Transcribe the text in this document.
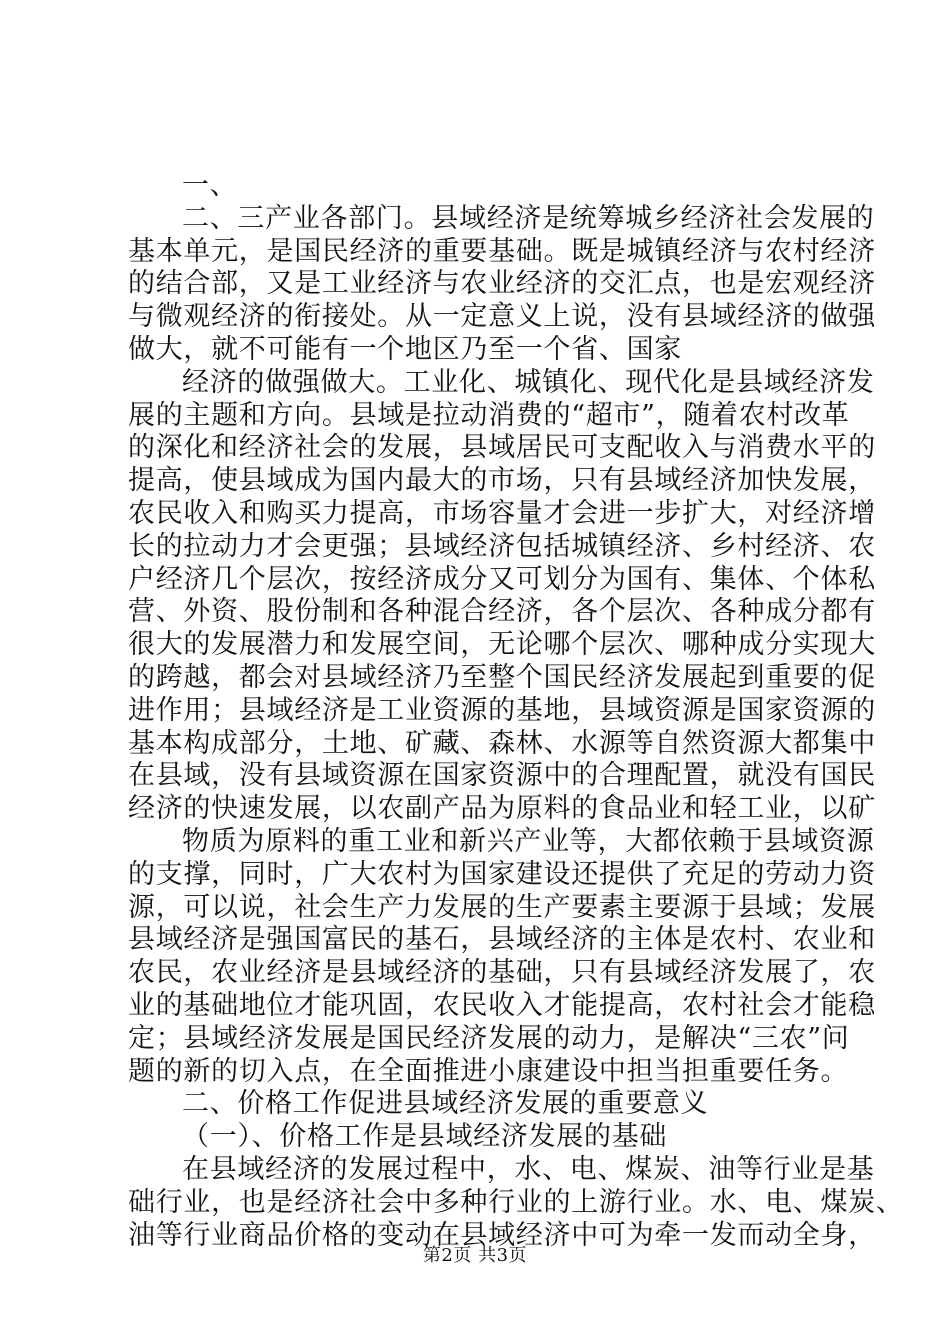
一、
二、三产业各部门。县域经济是统筹城乡经济社会发展的
基本单元，是国民经济的重要基础。既是城镇经济与农村经济
的结合部，又是工业经济与农业经济的交汇点，也是宏观经济
与微观经济的衔接处。从一定意义上说，没有县域经济的做强
做大，就不可能有一个地区乃至一个省、国家
经济的做强做大。工业化、城镇化、现代化是县域经济发
展的主题和方向。县域是拉动消费的“超市”，随着农村改革
的深化和经济社会的发展，县域居民可支配收入与消费水平的
提高，使县域成为国内最大的市场，只有县域经济加快发展，
农民收入和购买力提高，市场容量才会进一步扩大，对经济增
长的拉动力才会更强；县域经济包括城镇经济、乡村经济、农
户经济几个层次，按经济成分又可划分为国有、集体、个体私
营、外资、股份制和各种混合经济，各个层次、各种成分都有
很大的发展潜力和发展空间，无论哪个层次、哪种成分实现大
的跨越，都会对县域经济乃至整个国民经济发展起到重要的促
进作用；县域经济是工业资源的基地，县域资源是国家资源的
基本构成部分，土地、矿藏、森林、水源等自然资源大都集中
在县域，没有县域资源在国家资源中的合理配置，就没有国民
经济的快速发展，以农副产品为原料的食品业和轻工业，以矿
物质为原料的重工业和新兴产业等，大都依赖于县域资源
的支撑，同时，广大农村为国家建设还提供了充足的劳动力资
源，可以说，社会生产力发展的生产要素主要源于县域；发展
县域经济是强国富民的基石，县域经济的主体是农村、农业和
农民，农业经济是县域经济的基础，只有县域经济发展了，农
业的基础地位才能巩固，农民收入才能提高，农村社会才能稳
定；县域经济发展是国民经济发展的动力，是解决“三农”问
题的新的切入点，在全面推进小康建设中担当担重要任务。
二、价格工作促进县域经济发展的重要意义
（一）、价格工作是县域经济发展的基础
在县域经济的发展过程中，水、电、煤炭、油等行业是基
础行业，也是经济社会中多种行业的上游行业。水、电、煤炭、
油等行业商品价格的变动在县域经济中可为牵一发而动全身，
第2页 共3页
